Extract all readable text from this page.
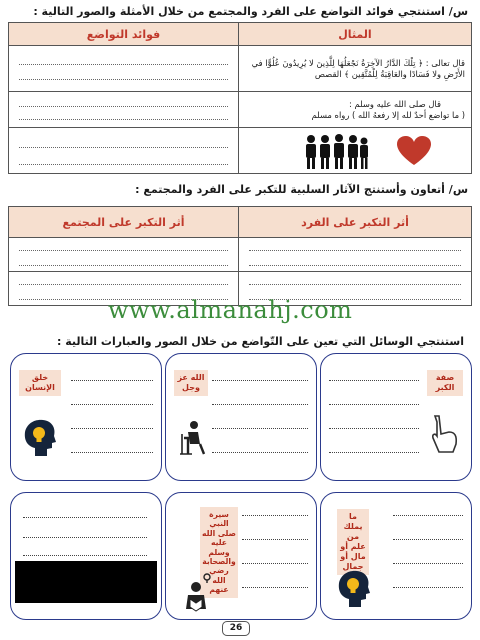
س/ استنتجي فوائد التواضع على الفرد والمجتمع من خلال الأمثلة والصور التالية :
المثال	فوائد التواضع
قال تعالى : ﴿ تِلْكَ الدَّارُ الآخِرَةُ نَجْعَلُهَا لِلَّذِينَ لا يُرِيدُونَ عُلُوًّا في الأَرْضِ ولا فَسَادًا والعَاقِبَةُ لِلْمُتَّقِين ﴾ القصص	

قال صلى الله عليه وسلم :
( ما تواضع أحدٌ لله إلا رفعهُ الله ) رواه مسلم	

س/ أتعاون وأستنتج الآثار السلبية للتكبر على الفرد والمجتمع :
أثر التكبر على الفرد	أثر التكبر على المجتمع

www.almanahj.com
استنتجي الوسائل التي تعين على التّواضع من خلال الصور والعبارات التالية :
صفة الكبر
الله عز وجل
خلق الإنسان
ما يملك من علم أو مال أو جمال
سيرة النبي صلى الله عليه وسلم والصحابة رضي الله عنهم
26
